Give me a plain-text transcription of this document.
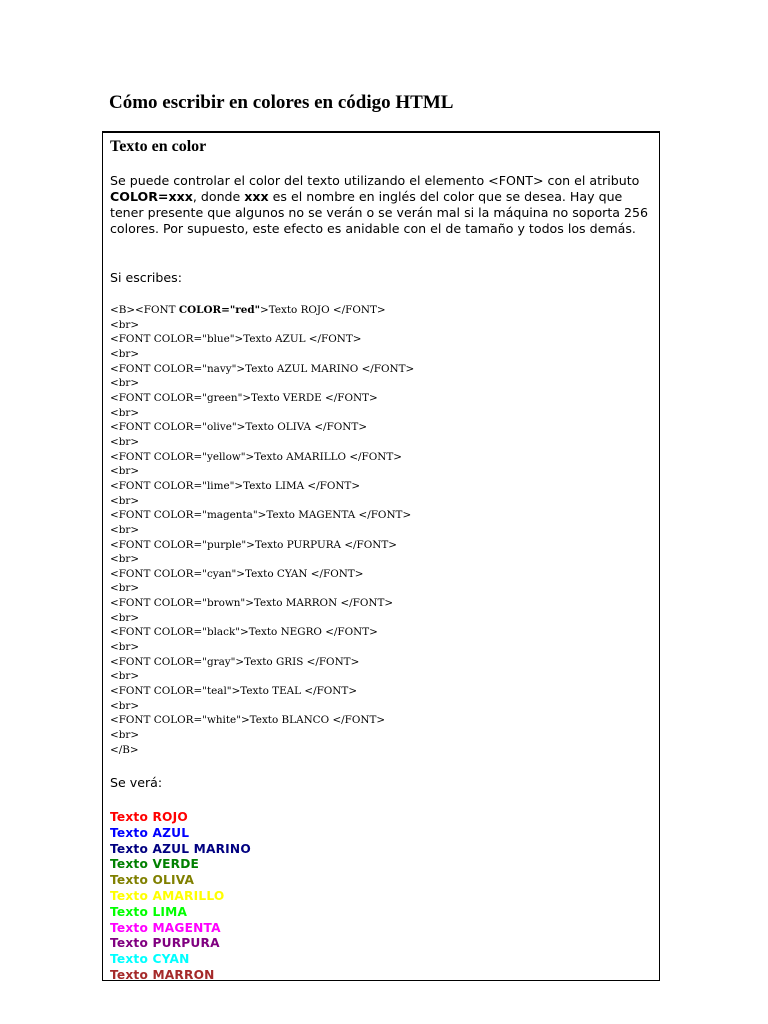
Cómo escribir en colores en código HTML
Texto en color

Se puede controlar el color del texto utilizando el elemento <FONT> con el atributo COLOR=xxx, donde xxx es el nombre en inglés del color que se desea. Hay que tener presente que algunos no se verán o se verán mal si la máquina no soporta 256 colores. Por supuesto, este efecto es anidable con el de tamaño y todos los demás.

Si escribes:

<B><FONT COLOR="red">Texto ROJO </FONT>
<br>
<FONT COLOR="blue">Texto AZUL </FONT>
<br>
<FONT COLOR="navy">Texto AZUL MARINO </FONT>
<br>
<FONT COLOR="green">Texto VERDE </FONT>
<br>
<FONT COLOR="olive">Texto OLIVA </FONT>
<br>
<FONT COLOR="yellow">Texto AMARILLO </FONT>
<br>
<FONT COLOR="lime">Texto LIMA </FONT>
<br>
<FONT COLOR="magenta">Texto MAGENTA </FONT>
<br>
<FONT COLOR="purple">Texto PURPURA </FONT>
<br>
<FONT COLOR="cyan">Texto CYAN </FONT>
<br>
<FONT COLOR="brown">Texto MARRON </FONT>
<br>
<FONT COLOR="black">Texto NEGRO </FONT>
<br>
<FONT COLOR="gray">Texto GRIS </FONT>
<br>
<FONT COLOR="teal">Texto TEAL </FONT>
<br>
<FONT COLOR="white">Texto BLANCO </FONT>
<br>
</B>

Se verá:

Texto ROJO
Texto AZUL
Texto AZUL MARINO
Texto VERDE
Texto OLIVA
Texto AMARILLO
Texto LIMA
Texto MAGENTA
Texto PURPURA
Texto CYAN
Texto MARRON
